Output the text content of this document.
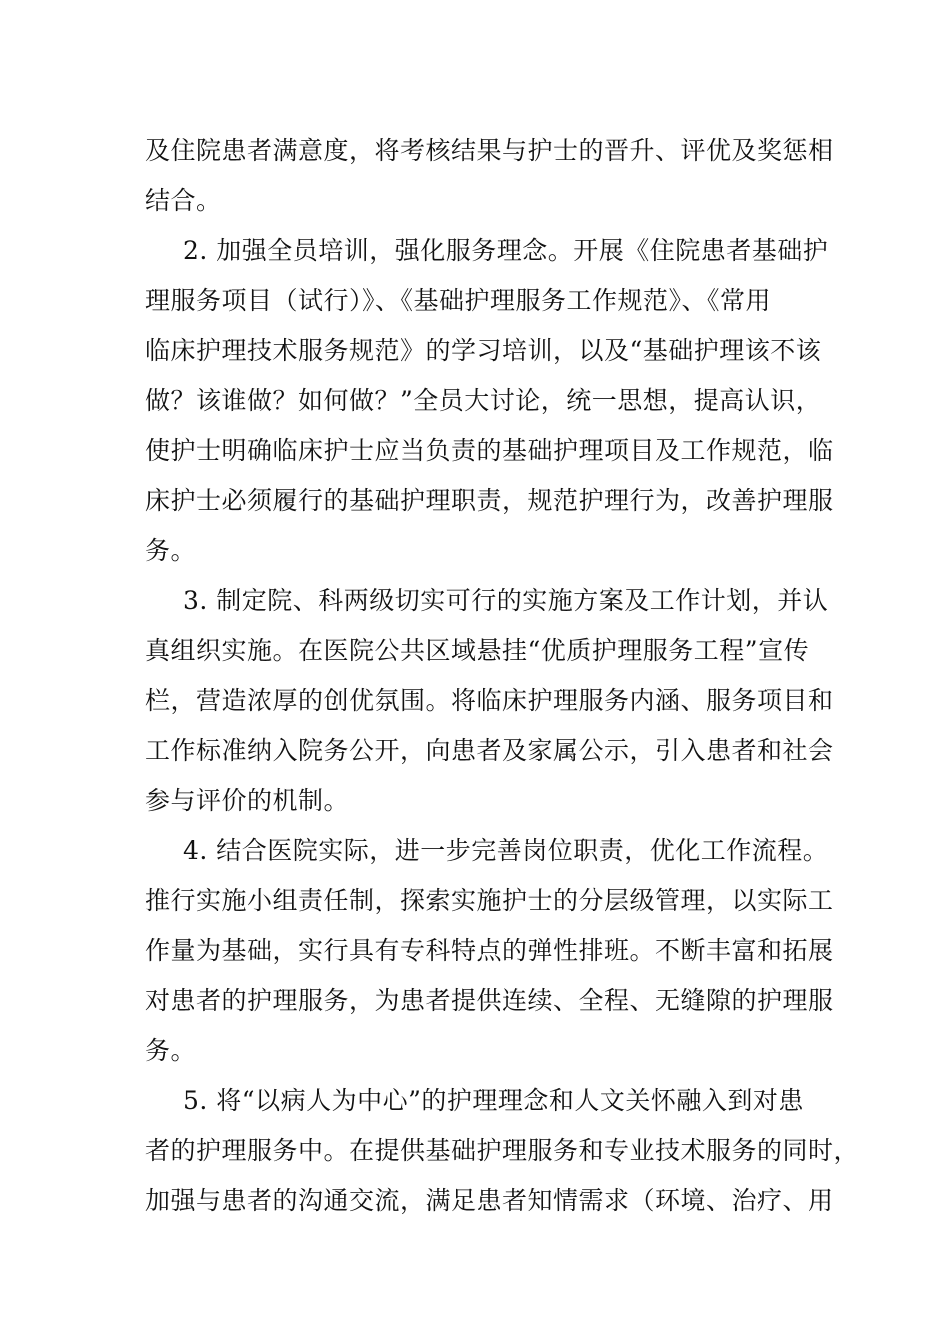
及住院患者满意度，将考核结果与护士的晋升、评优及奖惩相
结合。
2. 加强全员培训，强化服务理念。开展《住院患者基础护
理服务项目（试行）》、《基础护理服务工作规范》、《常用
临床护理技术服务规范》的学习培训，以及“基础护理该不该
做？该谁做？如何做？”全员大讨论，统一思想，提高认识，
使护士明确临床护士应当负责的基础护理项目及工作规范，临
床护士必须履行的基础护理职责，规范护理行为，改善护理服
务。
3. 制定院、科两级切实可行的实施方案及工作计划，并认
真组织实施。在医院公共区域悬挂“优质护理服务工程”宣传
栏，营造浓厚的创优氛围。将临床护理服务内涵、服务项目和
工作标准纳入院务公开，向患者及家属公示，引入患者和社会
参与评价的机制。
4. 结合医院实际，进一步完善岗位职责，优化工作流程。
推行实施小组责任制，探索实施护士的分层级管理，以实际工
作量为基础，实行具有专科特点的弹性排班。不断丰富和拓展
对患者的护理服务，为患者提供连续、全程、无缝隙的护理服
务。
5. 将“以病人为中心”的护理理念和人文关怀融入到对患
者的护理服务中。在提供基础护理服务和专业技术服务的同时，
加强与患者的沟通交流，满足患者知情需求（环境、治疗、用
